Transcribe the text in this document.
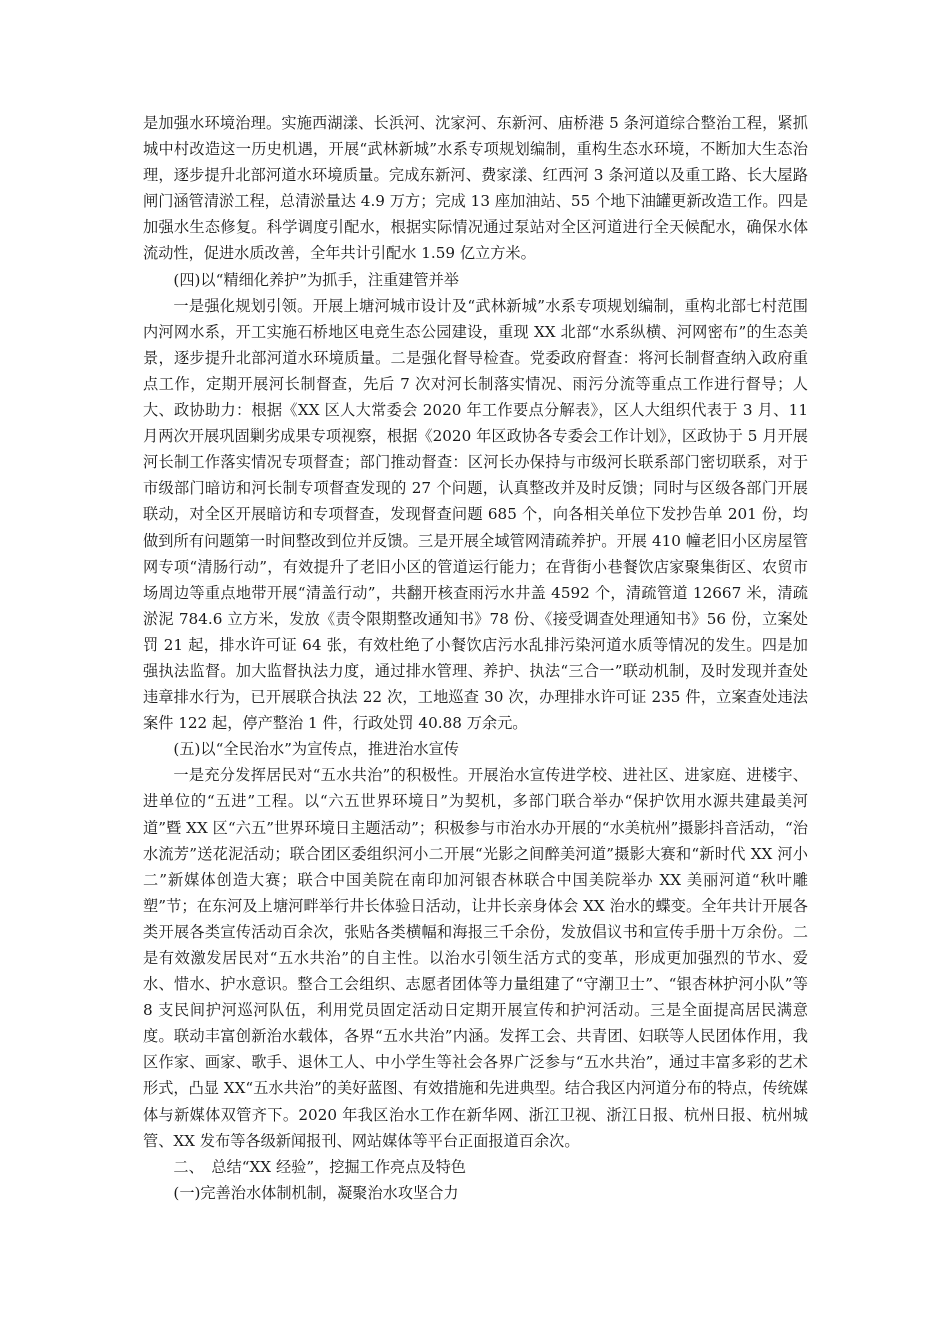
是加强水环境治理。实施西湖漾、长浜河、沈家河、东新河、庙桥港 5 条河道综合整治工程，紧抓城中村改造这一历史机遇，开展“武林新城”水系专项规划编制，重构生态水环境，不断加大生态治理，逐步提升北部河道水环境质量。完成东新河、费家漾、红西河 3 条河道以及重工路、长大屋路闸门涵管清淤工程，总清淤量达 4.9 万方；完成 13 座加油站、55 个地下油罐更新改造工作。四是加强水生态修复。科学调度引配水，根据实际情况通过泵站对全区河道进行全天候配水，确保水体流动性，促进水质改善，全年共计引配水 1.59 亿立方米。

(四)以“精细化养护”为抓手，注重建管并举

一是强化规划引领。开展上塘河城市设计及“武林新城”水系专项规划编制，重构北部七村范围内河网水系，开工实施石桥地区电竞生态公园建设，重现 XX 北部“水系纵横、河网密布”的生态美景，逐步提升北部河道水环境质量。二是强化督导检查。党委政府督查：将河长制督查纳入政府重点工作，定期开展河长制督查，先后 7 次对河长制落实情况、雨污分流等重点工作进行督导；人大、政协助力：根据《XX 区人大常委会 2020 年工作要点分解表》，区人大组织代表于 3 月、11 月两次开展巩固剿劣成果专项视察，根据《2020 年区政协各专委会工作计划》，区政协于 5 月开展河长制工作落实情况专项督查；部门推动督查：区河长办保持与市级河长联系部门密切联系，对于市级部门暗访和河长制专项督查发现的 27 个问题，认真整改并及时反馈；同时与区级各部门开展联动，对全区开展暗访和专项督查，发现督查问题 685 个，向各相关单位下发抄告单 201 份，均做到所有问题第一时间整改到位并反馈。三是开展全域管网清疏养护。开展 410 幢老旧小区房屋管网专项“清肠行动”，有效提升了老旧小区的管道运行能力；在背街小巷餐饮店家聚集街区、农贸市场周边等重点地带开展“清盖行动”，共翻开核查雨污水井盖 4592 个，清疏管道 12667 米，清疏淤泥 784.6 立方米，发放《责令限期整改通知书》78 份、《接受调查处理通知书》56 份，立案处罚 21 起，排水许可证 64 张，有效杜绝了小餐饮店污水乱排污染河道水质等情况的发生。四是加强执法监督。加大监督执法力度，通过排水管理、养护、执法“三合一”联动机制，及时发现并查处违章排水行为，已开展联合执法 22 次，工地巡查 30 次，办理排水许可证 235 件，立案查处违法案件 122 起，停产整治 1 件，行政处罚 40.88 万余元。

(五)以“全民治水”为宣传点，推进治水宣传

一是充分发挥居民对“五水共治”的积极性。开展治水宣传进学校、进社区、进家庭、进楼宇、进单位的“五进”工程。以“六五世界环境日”为契机，多部门联合举办“保护饮用水源共建最美河道”暨 XX 区“六五”世界环境日主题活动”；积极参与市治水办开展的“水美杭州”摄影抖音活动，“治水流芳”送花泥活动；联合团区委组织河小二开展“光影之间醉美河道”摄影大赛和“新时代 XX 河小二”新媒体创造大赛；联合中国美院在南印加河银杏林联合中国美院举办 XX 美丽河道“秋叶雕塑”节；在东河及上塘河畔举行井长体验日活动，让井长亲身体会 XX 治水的蝶变。全年共计开展各类开展各类宣传活动百余次，张贴各类横幅和海报三千余份，发放倡议书和宣传手册十万余份。二是有效激发居民对“五水共治”的自主性。以治水引领生活方式的变革，形成更加强烈的节水、爱水、惜水、护水意识。整合工会组织、志愿者团体等力量组建了“守潮卫士”、“银杏林护河小队”等 8 支民间护河巡河队伍，利用党员固定活动日定期开展宣传和护河活动。三是全面提高居民满意度。联动丰富创新治水载体，各界“五水共治”内涵。发挥工会、共青团、妇联等人民团体作用，我区作家、画家、歌手、退休工人、中小学生等社会各界广泛参与“五水共治”，通过丰富多彩的艺术形式，凸显 XX“五水共治”的美好蓝图、有效措施和先进典型。结合我区内河道分布的特点，传统媒体与新媒体双管齐下。2020 年我区治水工作在新华网、浙江卫视、浙江日报、杭州日报、杭州城管、XX 发布等各级新闻报刊、网站媒体等平台正面报道百余次。

二、　总结“XX 经验”，挖掘工作亮点及特色

(一)完善治水体制机制，凝聚治水攻坚合力
